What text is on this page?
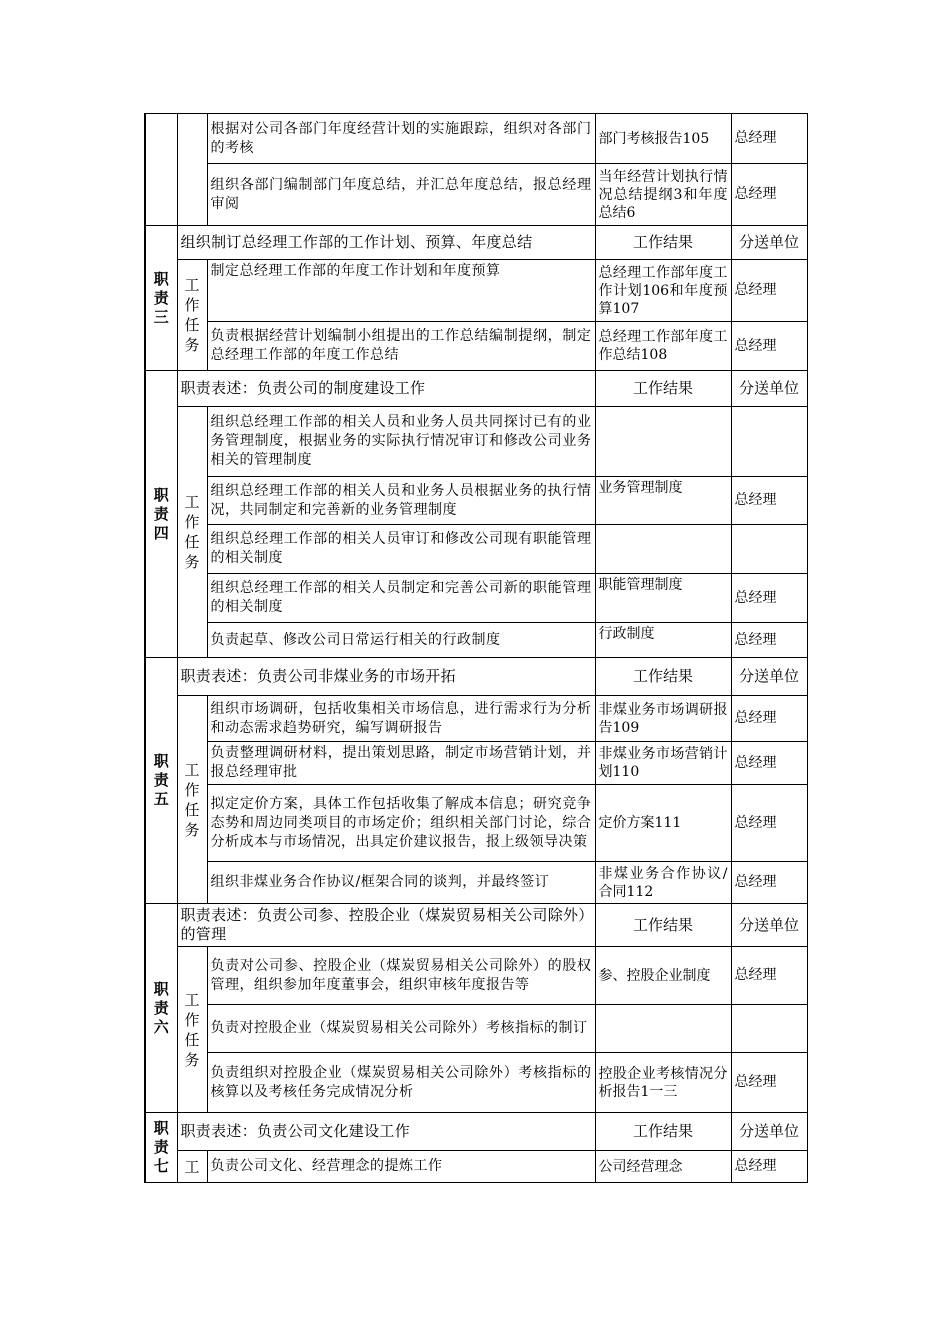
		根据对公司各部门年度经营计划的实施跟踪，组织对各部门的考核	部门考核报告105	总经理
		组织各部门编制部门年度总结，并汇总年度总结，报总经理审阅	当年经营计划执行情况总结提纲3和年度总结6	总经理
职责三	组织制订总经理工作部的工作计划、预算、年度总结		工作结果	分送单位
	工作任务	制定总经理工作部的年度工作计划和年度预算	总经理工作部年度工作计划106和年度预算107	总经理
		负责根据经营计划编制小组提出的工作总结编制提纲，制定总经理工作部的年度工作总结	总经理工作部年度工作总结108	总经理
职责四	职责表述：负责公司的制度建设工作		工作结果	分送单位
	工作任务	组织总经理工作部的相关人员和业务人员共同探讨已有的业务管理制度，根据业务的实际执行情况审订和修改公司业务相关的管理制度		
		组织总经理工作部的相关人员和业务人员根据业务的执行情况，共同制定和完善新的业务管理制度	业务管理制度	总经理
		组织总经理工作部的相关人员审订和修改公司现有职能管理的相关制度		
		组织总经理工作部的相关人员制定和完善公司新的职能管理的相关制度	职能管理制度	总经理
		负责起草、修改公司日常运行相关的行政制度	行政制度	总经理
职责五	职责表述：负责公司非煤业务的市场开拓		工作结果	分送单位
	工作任务	组织市场调研，包括收集相关市场信息，进行需求行为分析和动态需求趋势研究，编写调研报告	非煤业务市场调研报告109	总经理
		负责整理调研材料，提出策划思路，制定市场营销计划，并报总经理审批	非煤业务市场营销计划110	总经理
		拟定定价方案，具体工作包括收集了解成本信息；研究竞争态势和周边同类项目的市场定价；组织相关部门讨论，综合分析成本与市场情况，出具定价建议报告，报上级领导决策	定价方案111	总经理
		组织非煤业务合作协议/框架合同的谈判，并最终签订	非煤业务合作协议/合同112	总经理
职责六	职责表述：负责公司参、控股企业（煤炭贸易相关公司除外）的管理		工作结果	分送单位
	工作任务	负责对公司参、控股企业（煤炭贸易相关公司除外）的股权管理，组织参加年度董事会，组织审核年度报告等	参、控股企业制度	总经理
		负责对控股企业（煤炭贸易相关公司除外）考核指标的制订		
		负责组织对控股企业（煤炭贸易相关公司除外）考核指标的核算以及考核任务完成情况分析	控股企业考核情况分析报告1一三	总经理
职责七	职责表述：负责公司文化建设工作		工作结果	分送单位
	工	负责公司文化、经营理念的提炼工作	公司经营理念	总经理
